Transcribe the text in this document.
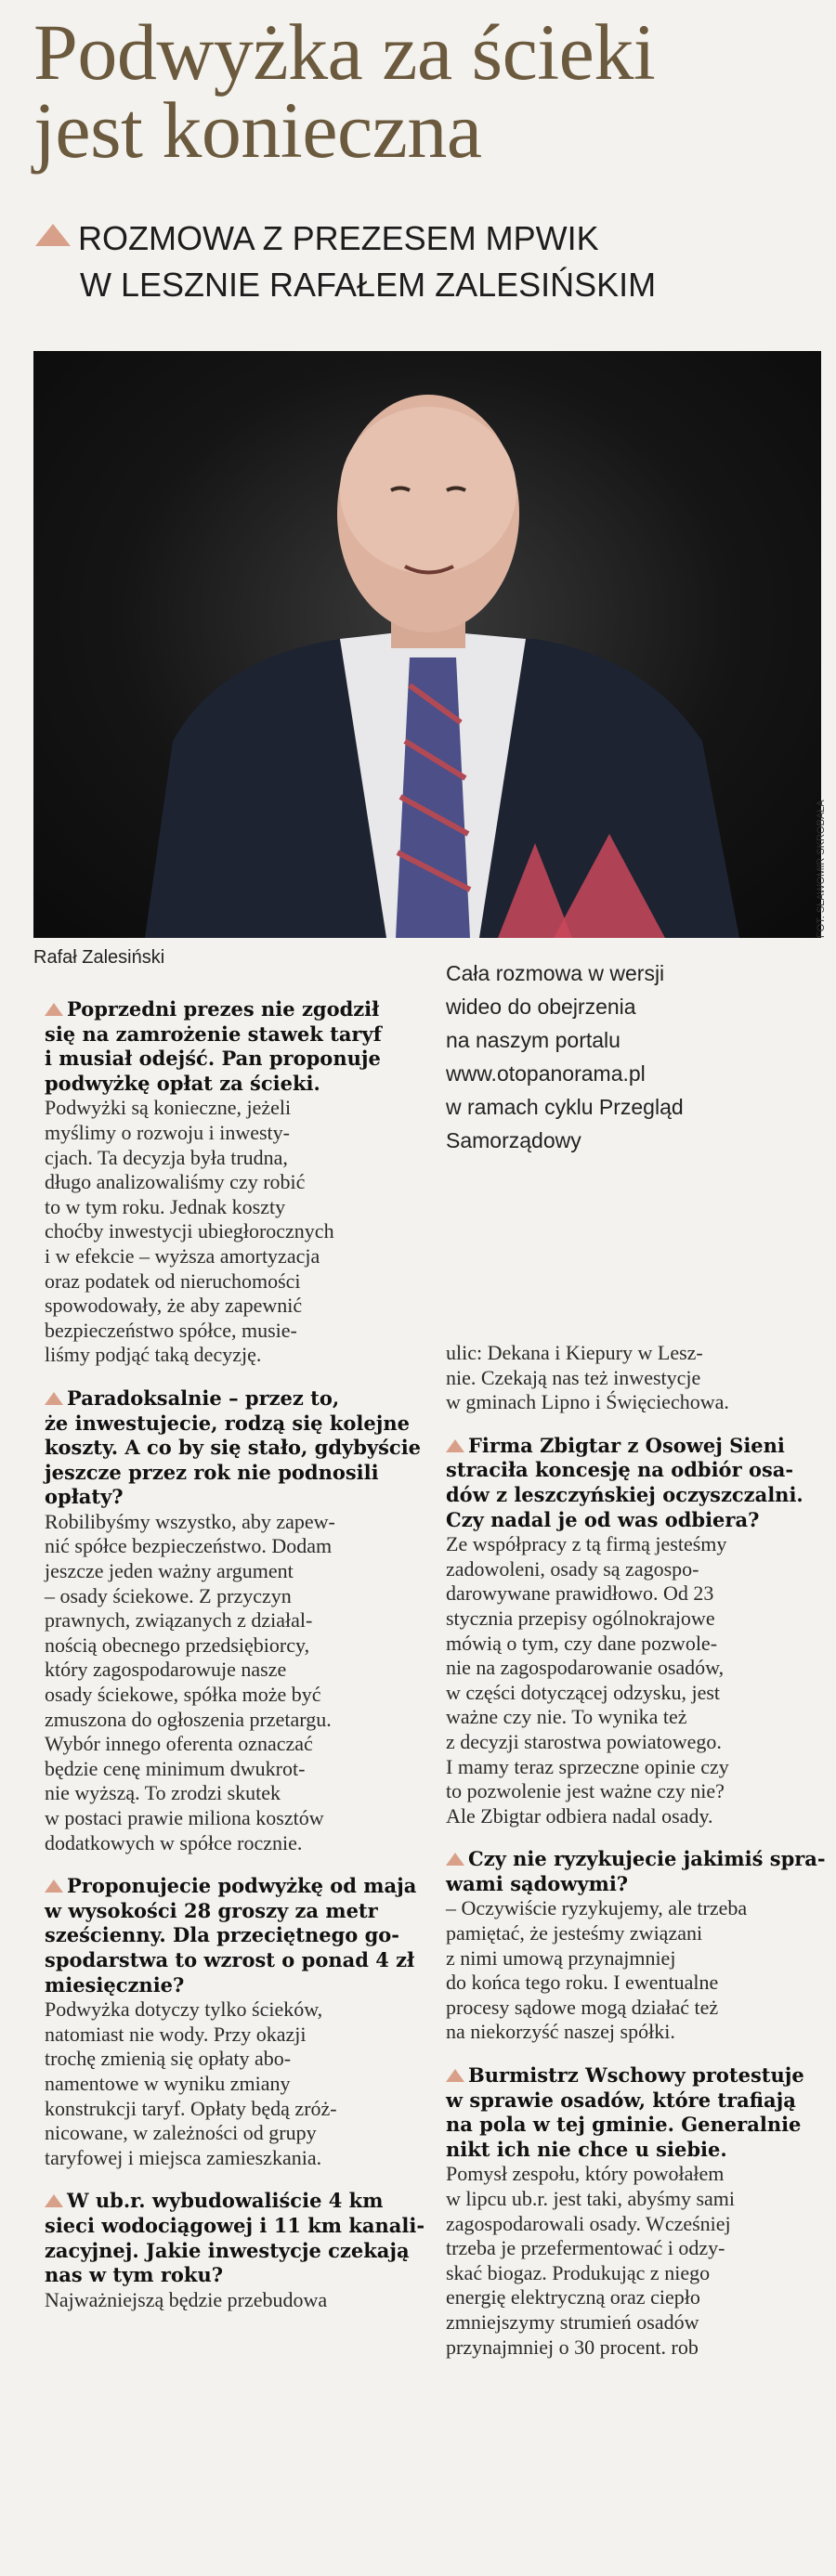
Podwyżka za ścieki
jest konieczna
ROZMOWA Z PREZESEM MPWIK
W LESZNIE RAFAŁEM ZALESIŃSKIM
FOT. SŁAWOMIR SKROBAŁA
Rafał Zalesiński
Cała rozmowa w wersji
wideo do obejrzenia
na naszym portalu
www.otopanorama.pl
w ramach cyklu Przegląd
Samorządowy

Poprzedni prezes nie zgodził

się na zamrożenie stawek taryf

i musiał odejść. Pan proponuje

podwyżkę opłat za ścieki.

Podwyżki są konieczne, jeżeli

myślimy o rozwoju i inwesty-

cjach. Ta decyzja była trudna,

długo analizowaliśmy czy robić

to w tym roku. Jednak koszty

choćby inwestycji ubiegłorocznych

i w efekcie – wyższa amortyzacja

oraz podatek od nieruchomości

spowodowały, że aby zapewnić

bezpieczeństwo spółce, musie-

liśmy podjąć taką decyzję.

Paradoksalnie – przez to,

że inwestujecie, rodzą się kolejne

koszty. A co by się stało, gdybyście

jeszcze przez rok nie podnosili

opłaty?

Robilibyśmy wszystko, aby zapew-

nić spółce bezpieczeństwo. Dodam

jeszcze jeden ważny argument

– osady ściekowe. Z przyczyn

prawnych, związanych z działal-

nością obecnego przedsiębiorcy,

który zagospodarowuje nasze

osady ściekowe, spółka może być

zmuszona do ogłoszenia przetargu.

Wybór innego oferenta oznaczać

będzie cenę minimum dwukrot-

nie wyższą. To zrodzi skutek

w postaci prawie miliona kosztów

dodatkowych w spółce rocznie.

Proponujecie podwyżkę od maja

w wysokości 28 groszy za metr

sześcienny. Dla przeciętnego go-

spodarstwa to wzrost o ponad 4 zł

miesięcznie?

Podwyżka dotyczy tylko ścieków,

natomiast nie wody. Przy okazji

trochę zmienią się opłaty abo-

namentowe w wyniku zmiany

konstrukcji taryf. Opłaty będą zróż-

nicowane, w zależności od grupy

taryfowej i miejsca zamieszkania.

W ub.r. wybudowaliście 4 km

sieci wodociągowej i 11 km kanali-

zacyjnej. Jakie inwestycje czekają

nas w tym roku?

Najważniejszą będzie przebudowa

ulic: Dekana i Kiepury w Lesz-

nie. Czekają nas też inwestycje

w gminach Lipno i Święciechowa.

Firma Zbigtar z Osowej Sieni

straciła koncesję na odbiór osa-

dów z leszczyńskiej oczyszczalni.

Czy nadal je od was odbiera?

Ze współpracy z tą firmą jesteśmy

zadowoleni, osady są zagospo-

darowywane prawidłowo. Od 23

stycznia przepisy ogólnokrajowe

mówią o tym, czy dane pozwole-

nie na zagospodarowanie osadów,

w części dotyczącej odzysku, jest

ważne czy nie. To wynika też

z decyzji starostwa powiatowego.

I mamy teraz sprzeczne opinie czy

to pozwolenie jest ważne czy nie?

Ale Zbigtar odbiera nadal osady.

Czy nie ryzykujecie jakimiś spra-

wami sądowymi?

– Oczywiście ryzykujemy, ale trzeba

pamiętać, że jesteśmy związani

z nimi umową przynajmniej

do końca tego roku. I ewentualne

procesy sądowe mogą działać też

na niekorzyść naszej spółki.

Burmistrz Wschowy protestuje

w sprawie osadów, które trafiają

na pola w tej gminie. Generalnie

nikt ich nie chce u siebie.

Pomysł zespołu, który powołałem

w lipcu ub.r. jest taki, abyśmy sami

zagospodarowali osady. Wcześniej

trzeba je przefermentować i odzy-

skać biogaz. Produkując z niego

energię elektryczną oraz ciepło

zmniejszymy strumień osadów

przynajmniej o 30 procent. rob
